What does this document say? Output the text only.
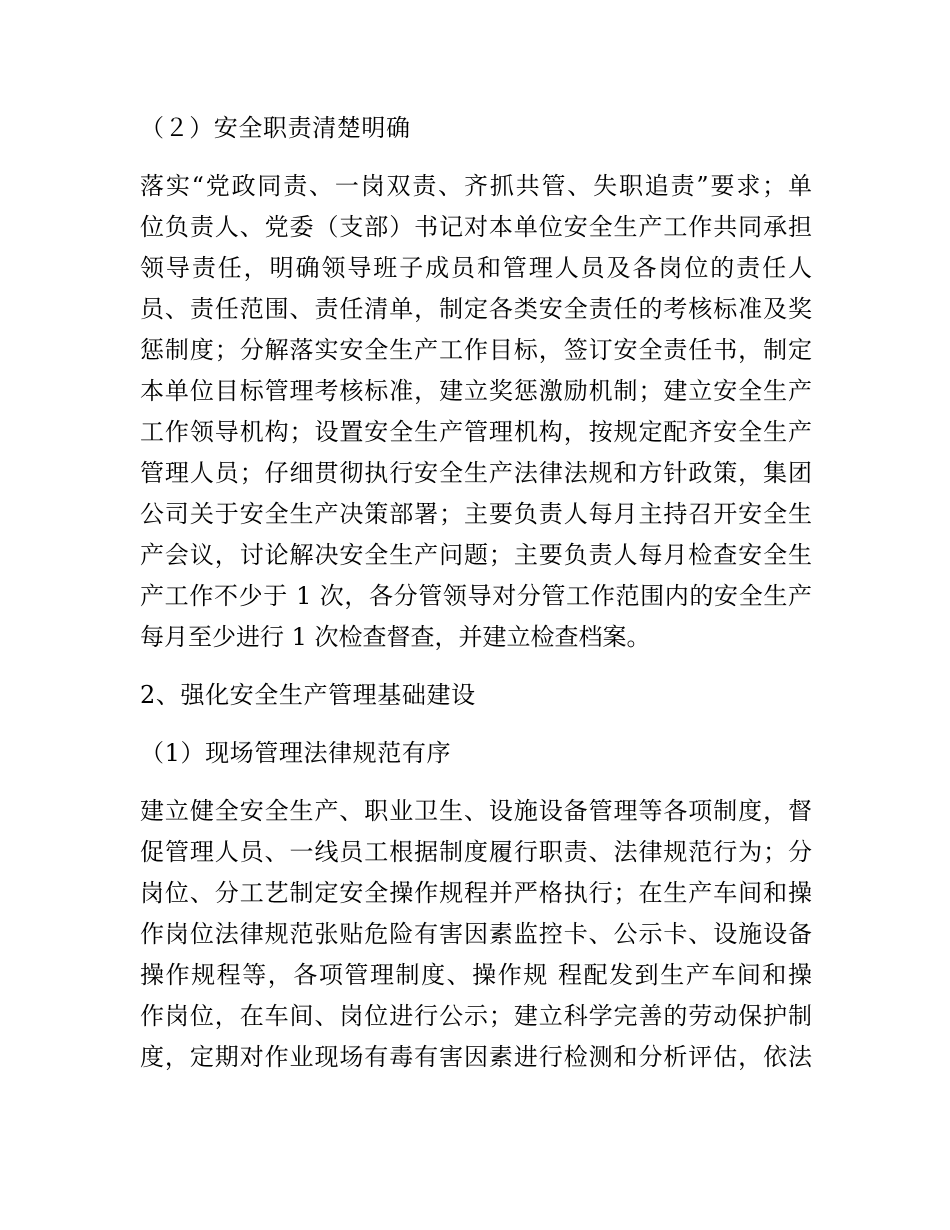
（２）安全职责清楚明确
落实“党政同责、一岗双责、齐抓共管、失职追责”要求；单
位负责人、党委（支部）书记对本单位安全生产工作共同承担
领导责任，明确领导班子成员和管理人员及各岗位的责任人
员、责任范围、责任清单，制定各类安全责任的考核标准及奖
惩制度；分解落实安全生产工作目标，签订安全责任书，制定
本单位目标管理考核标准，建立奖惩激励机制；建立安全生产
工作领导机构；设置安全生产管理机构，按规定配齐安全生产
管理人员；仔细贯彻执行安全生产法律法规和方针政策，集团
公司关于安全生产决策部署；主要负责人每月主持召开安全生
产会议，讨论解决安全生产问题；主要负责人每月检查安全生
产工作不少于 1 次，各分管领导对分管工作范围内的安全生产
每月至少进行 1 次检查督查，并建立检查档案。
2、强化安全生产管理基础建设
（1）现场管理法律规范有序
建立健全安全生产、职业卫生、设施设备管理等各项制度，督
促管理人员、一线员工根据制度履行职责、法律规范行为；分
岗位、分工艺制定安全操作规程并严格执行；在生产车间和操
作岗位法律规范张贴危险有害因素监控卡、公示卡、设施设备
操作规程等，各项管理制度、操作规 程配发到生产车间和操
作岗位，在车间、岗位进行公示；建立科学完善的劳动保护制
度，定期对作业现场有毒有害因素进行检测和分析评估，依法
